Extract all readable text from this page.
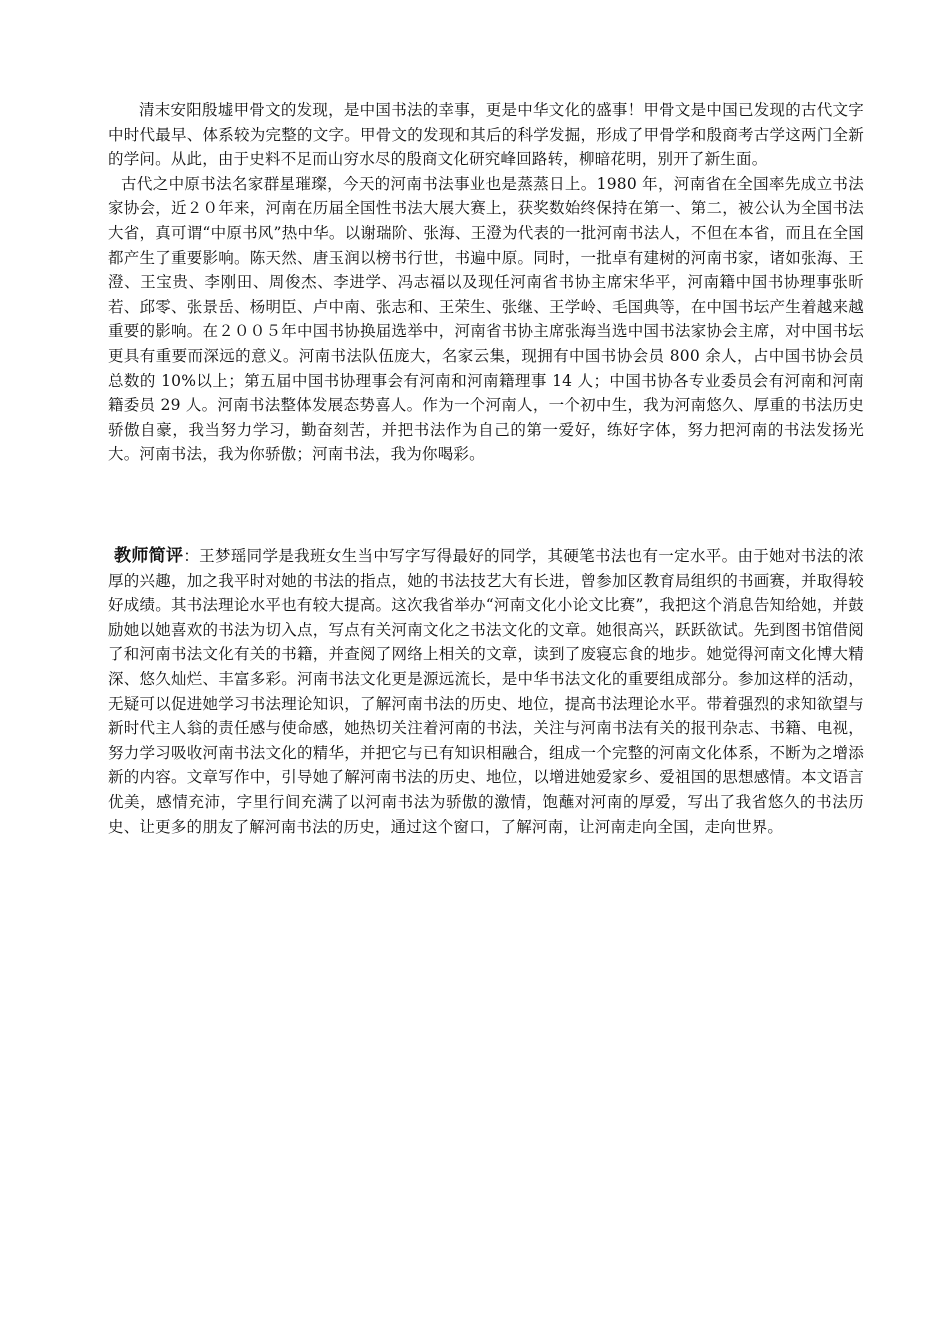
清末安阳殷墟甲骨文的发现，是中国书法的幸事，更是中华文化的盛事！甲骨文是中国已发现的古代文字中时代最早、体系较为完整的文字。甲骨文的发现和其后的科学发掘，形成了甲骨学和殷商考古学这两门全新的学问。从此，由于史料不足而山穷水尽的殷商文化研究峰回路转，柳暗花明，别开了新生面。

古代之中原书法名家群星璀璨，今天的河南书法事业也是蒸蒸日上。1980 年，河南省在全国率先成立书法家协会，近２０年来，河南在历届全国性书法大展大赛上，获奖数始终保持在第一、第二，被公认为全国书法大省，真可谓“中原书风”热中华。以谢瑞阶、张海、王澄为代表的一批河南书法人，不但在本省，而且在全国都产生了重要影响。陈天然、唐玉润以榜书行世，书遍中原。同时，一批卓有建树的河南书家，诸如张海、王澄、王宝贵、李刚田、周俊杰、李进学、冯志福以及现任河南省书协主席宋华平，河南籍中国书协理事张昕若、邱零、张景岳、杨明臣、卢中南、张志和、王荣生、张继、王学岭、毛国典等，在中国书坛产生着越来越重要的影响。在２００５年中国书协换届选举中，河南省书协主席张海当选中国书法家协会主席，对中国书坛更具有重要而深远的意义。河南书法队伍庞大，名家云集，现拥有中国书协会员 800 余人，占中国书协会员总数的 10%以上；第五届中国书协理事会有河南和河南籍理事 14 人；中国书协各专业委员会有河南和河南籍委员 29 人。河南书法整体发展态势喜人。作为一个河南人，一个初中生，我为河南悠久、厚重的书法历史骄傲自豪，我当努力学习，勤奋刻苦，并把书法作为自己的第一爱好，练好字体，努力把河南的书法发扬光大。河南书法，我为你骄傲；河南书法，我为你喝彩。

教师简评：王梦瑶同学是我班女生当中写字写得最好的同学，其硬笔书法也有一定水平。由于她对书法的浓厚的兴趣，加之我平时对她的书法的指点，她的书法技艺大有长进，曾参加区教育局组织的书画赛，并取得较好成绩。其书法理论水平也有较大提高。这次我省举办“河南文化小论文比赛”，我把这个消息告知给她，并鼓励她以她喜欢的书法为切入点，写点有关河南文化之书法文化的文章。她很高兴，跃跃欲试。先到图书馆借阅了和河南书法文化有关的书籍，并查阅了网络上相关的文章，读到了废寝忘食的地步。她觉得河南文化博大精深、悠久灿烂、丰富多彩。河南书法文化更是源远流长，是中华书法文化的重要组成部分。参加这样的活动，无疑可以促进她学习书法理论知识，了解河南书法的历史、地位，提高书法理论水平。带着强烈的求知欲望与新时代主人翁的责任感与使命感，她热切关注着河南的书法，关注与河南书法有关的报刊杂志、书籍、电视，努力学习吸收河南书法文化的精华，并把它与已有知识相融合，组成一个完整的河南文化体系，不断为之增添新的内容。文章写作中，引导她了解河南书法的历史、地位，以增进她爱家乡、爱祖国的思想感情。本文语言优美，感情充沛，字里行间充满了以河南书法为骄傲的激情，饱蘸对河南的厚爱，写出了我省悠久的书法历史、让更多的朋友了解河南书法的历史，通过这个窗口，了解河南，让河南走向全国，走向世界。
